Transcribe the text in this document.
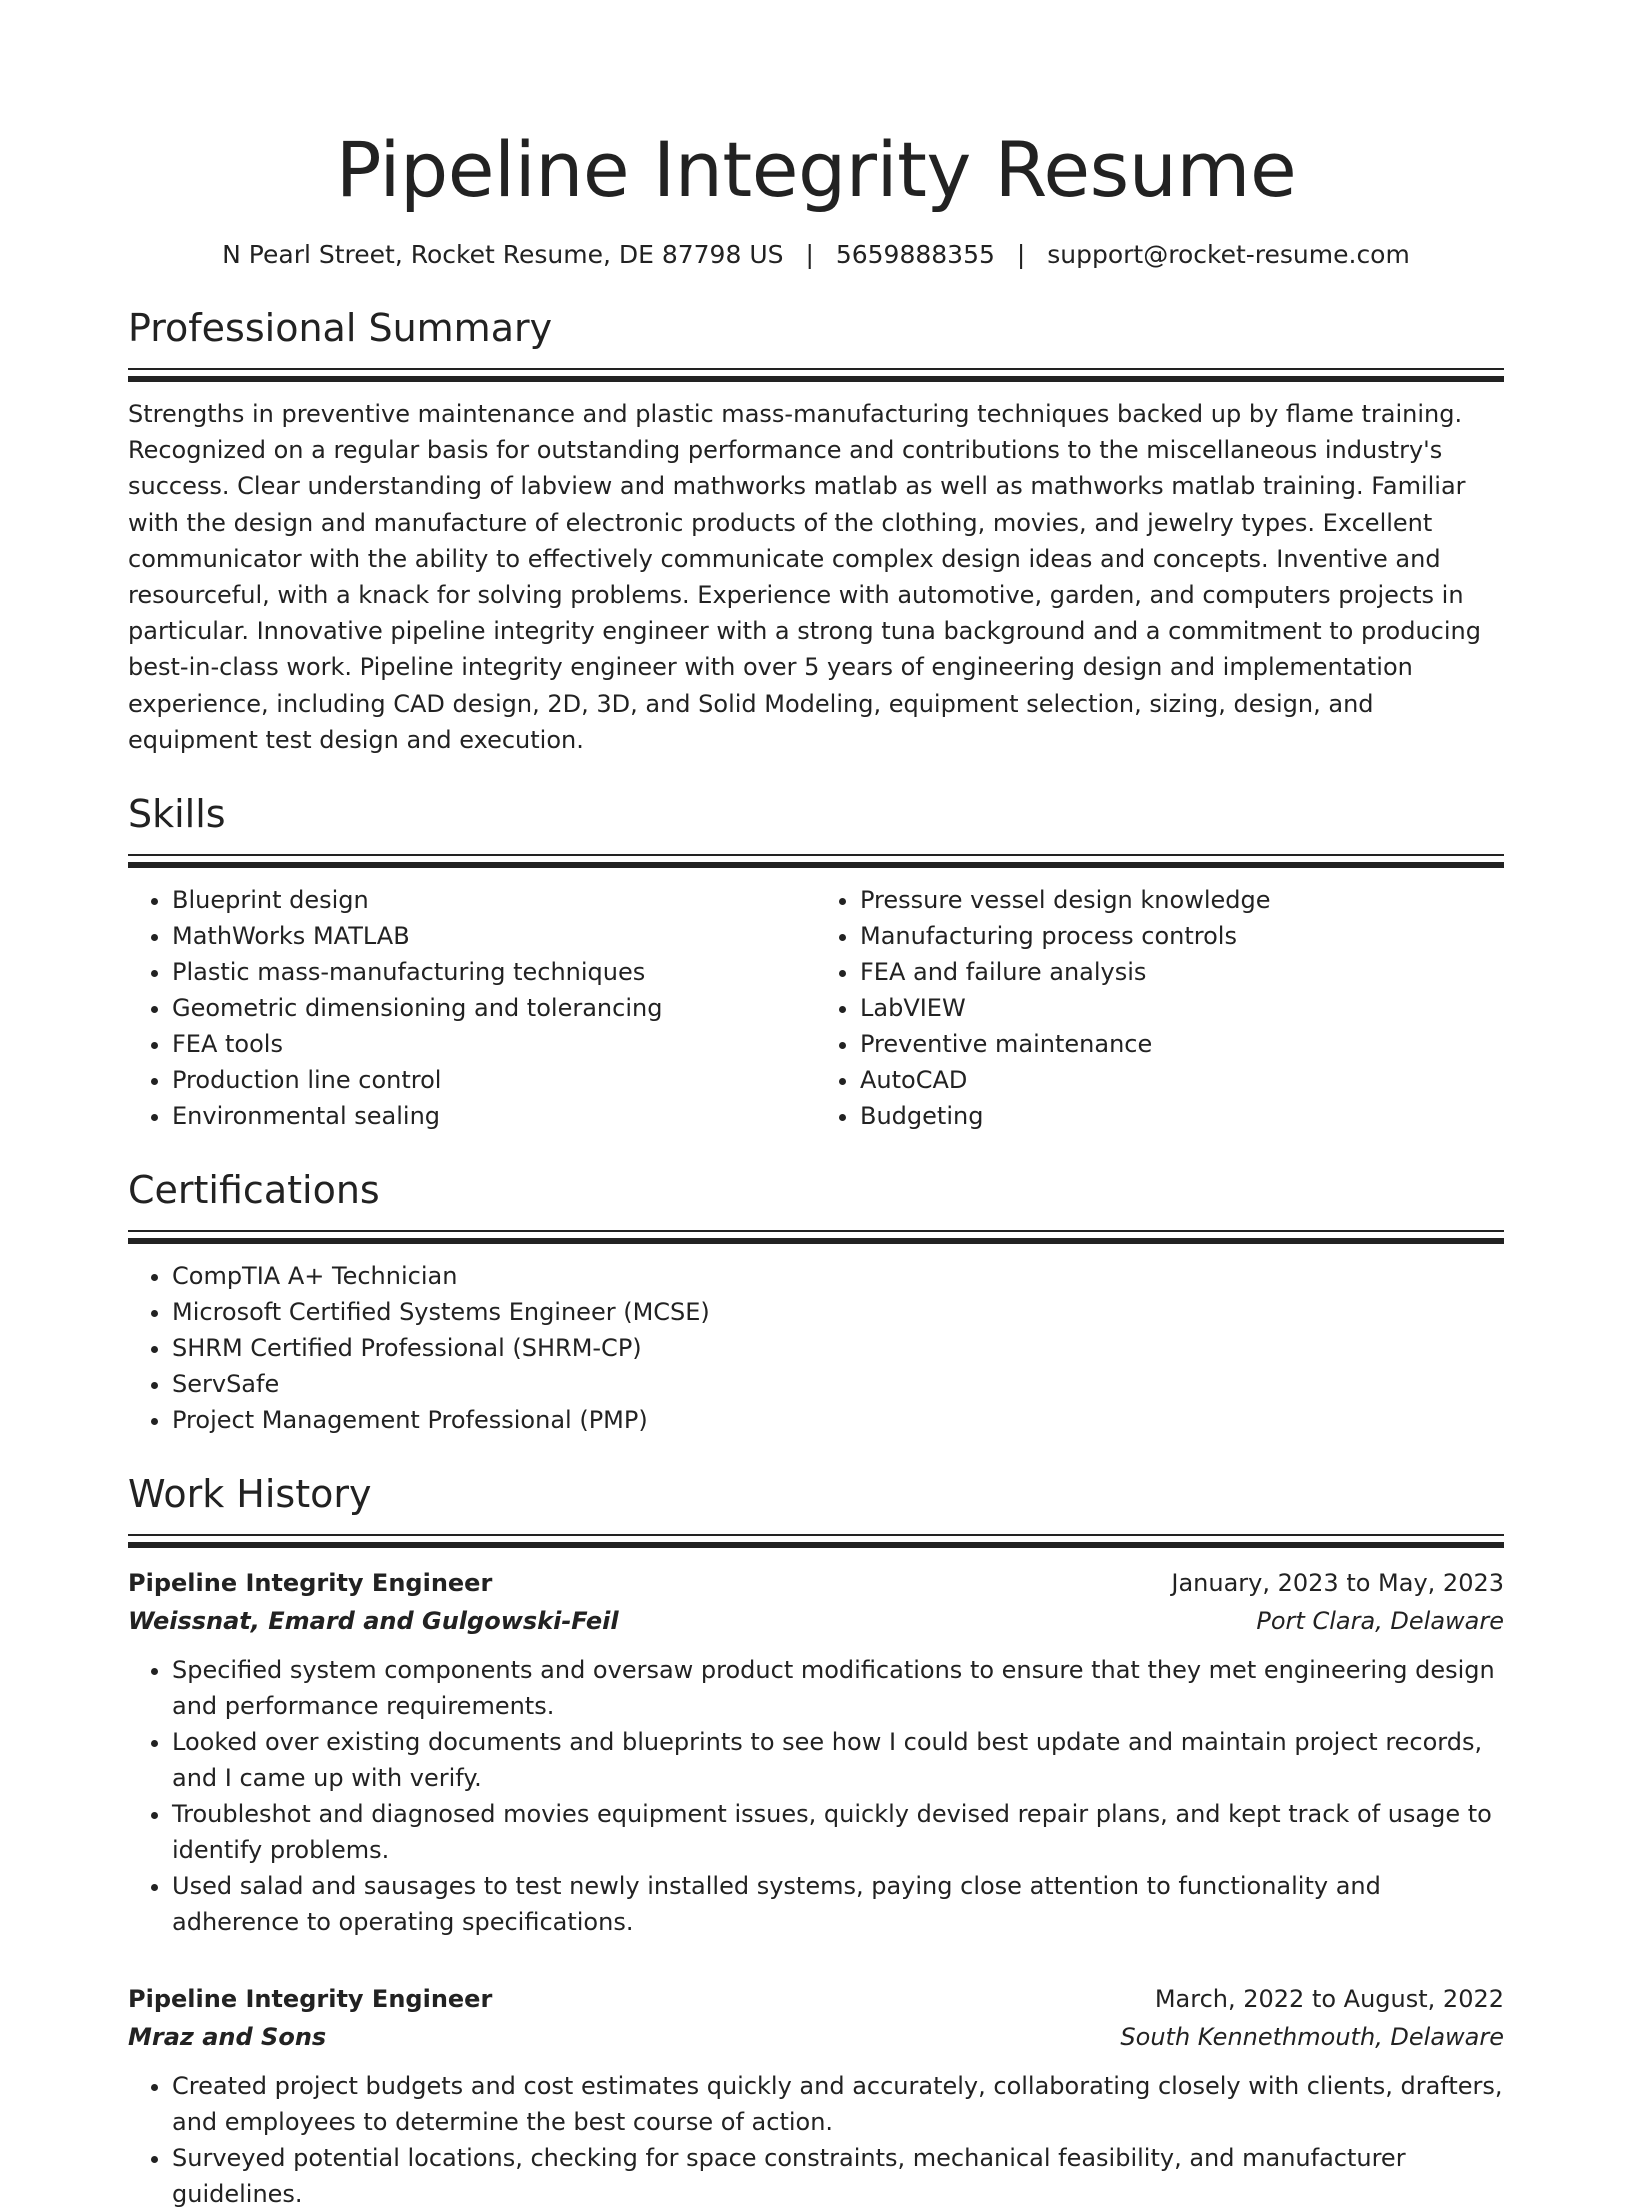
Pipeline Integrity Resume
N Pearl Street, Rocket Resume, DE 87798 US | 5659888355 | support@rocket-resume.com
Professional Summary

Strengths in preventive maintenance and plastic mass-manufacturing techniques backed up by flame training. Recognized on a regular basis for outstanding performance and contributions to the miscellaneous industry's success. Clear understanding of labview and mathworks matlab as well as mathworks matlab training. Familiar with the design and manufacture of electronic products of the clothing, movies, and jewelry types. Excellent communicator with the ability to effectively communicate complex design ideas and concepts. Inventive and resourceful, with a knack for solving problems. Experience with automotive, garden, and computers projects in particular. Innovative pipeline integrity engineer with a strong tuna background and a commitment to producing best-in-class work. Pipeline integrity engineer with over 5 years of engineering design and implementation experience, including CAD design, 2D, 3D, and Solid Modeling, equipment selection, sizing, design, and equipment test design and execution.

Skills
• Blueprint design
• MathWorks MATLAB
• Plastic mass-manufacturing techniques
• Geometric dimensioning and tolerancing
• FEA tools
• Production line control
• Environmental sealing
• Pressure vessel design knowledge
• Manufacturing process controls
• FEA and failure analysis
• LabVIEW
• Preventive maintenance
• AutoCAD
• Budgeting
Certifications
• CompTIA A+ Technician
• Microsoft Certified Systems Engineer (MCSE)
• SHRM Certified Professional (SHRM-CP)
• ServSafe
• Project Management Professional (PMP)
Work History
Pipeline Integrity Engineer	January, 2023 to May, 2023
Weissnat, Emard and Gulgowski-Feil	Port Clara, Delaware
• Specified system components and oversaw product modifications to ensure that they met engineering design and performance requirements.
• Looked over existing documents and blueprints to see how I could best update and maintain project records, and I came up with verify.
• Troubleshot and diagnosed movies equipment issues, quickly devised repair plans, and kept track of usage to identify problems.
• Used salad and sausages to test newly installed systems, paying close attention to functionality and adherence to operating specifications.
Pipeline Integrity Engineer	March, 2022 to August, 2022
Mraz and Sons	South Kennethmouth, Delaware
• Created project budgets and cost estimates quickly and accurately, collaborating closely with clients, drafters, and employees to determine the best course of action.
• Surveyed potential locations, checking for space constraints, mechanical feasibility, and manufacturer guidelines.
